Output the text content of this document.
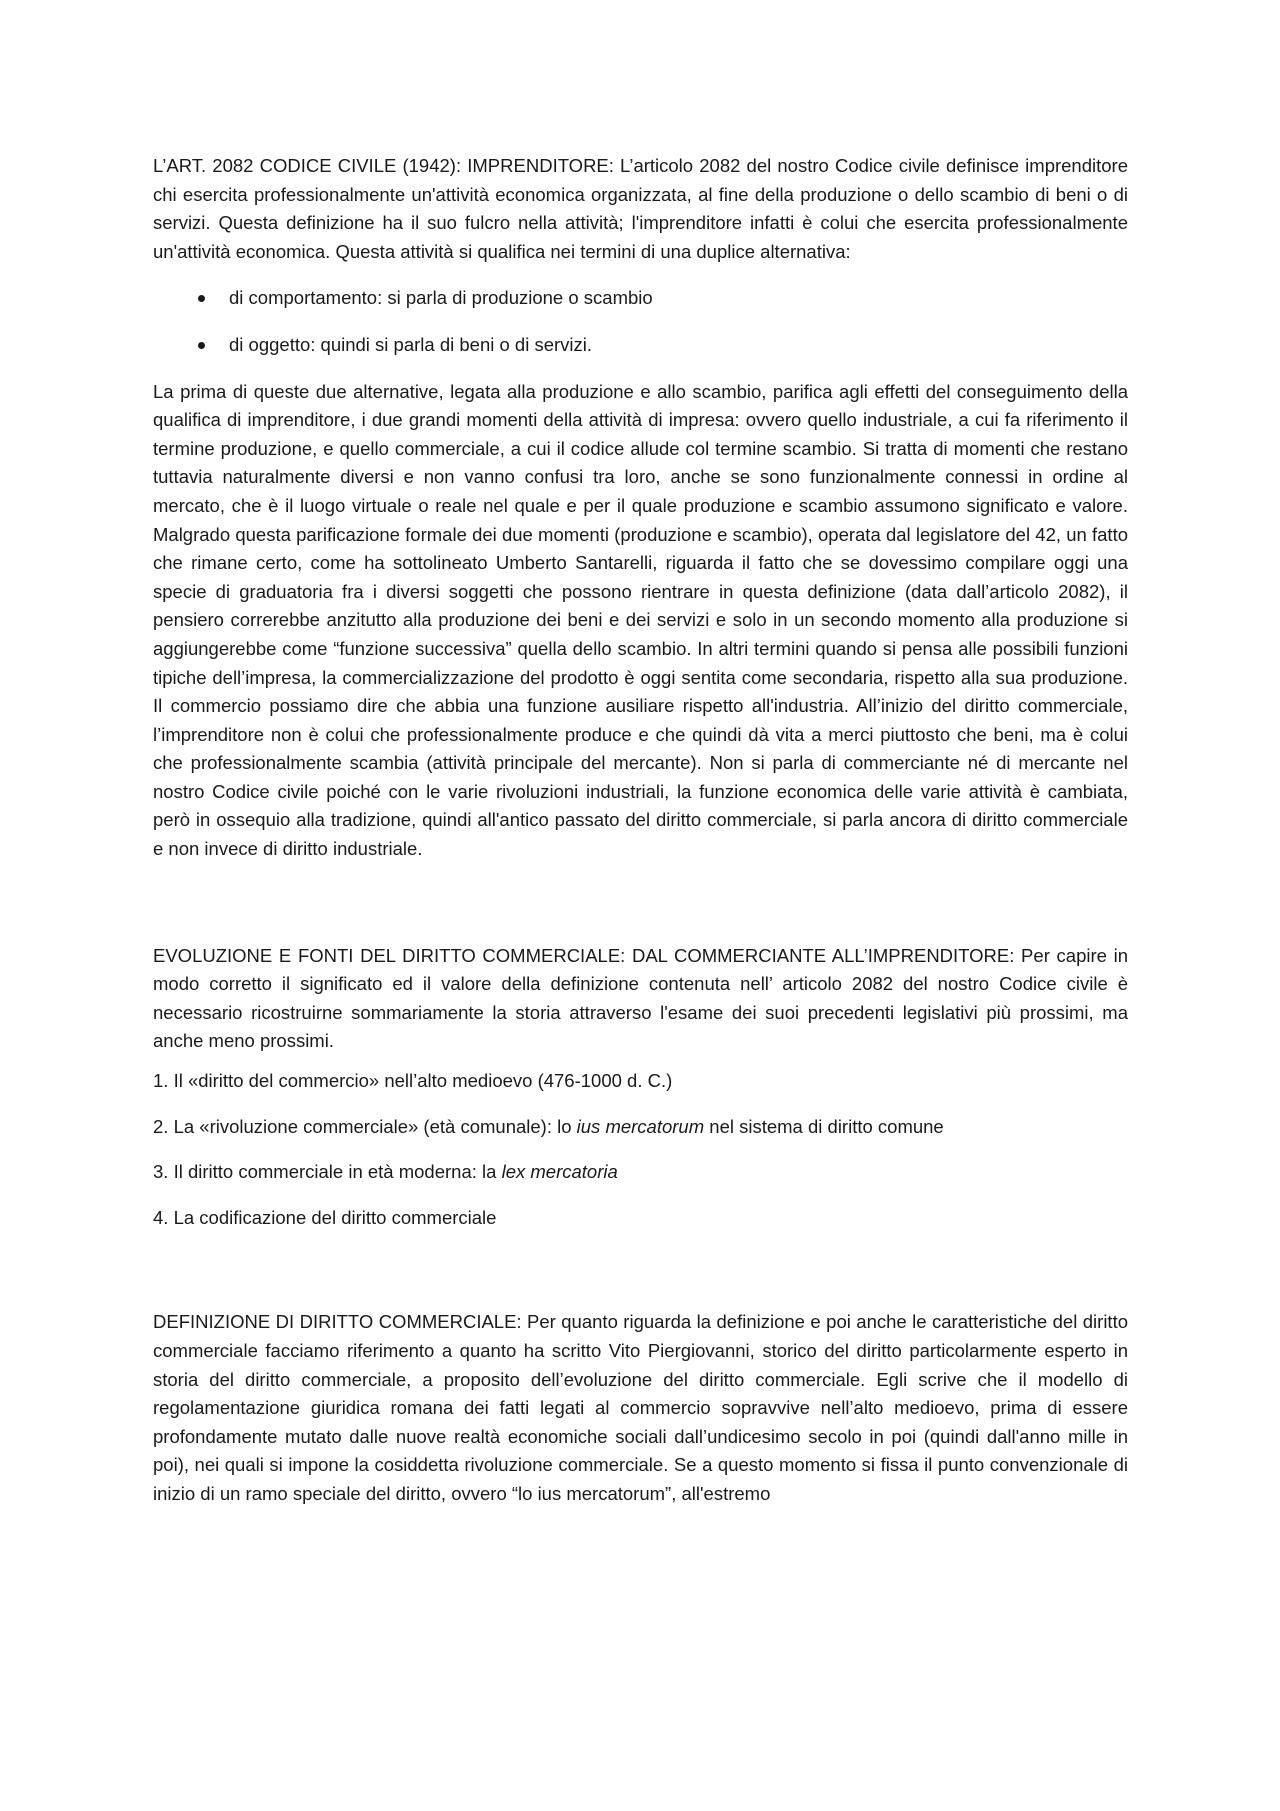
L’ART. 2082 CODICE CIVILE (1942): IMPRENDITORE: L’articolo 2082 del nostro Codice civile definisce imprenditore chi esercita professionalmente un'attività economica organizzata, al fine della produzione o dello scambio di beni o di servizi. Questa definizione ha il suo fulcro nella attività; l'imprenditore infatti è colui che esercita professionalmente un'attività economica. Questa attività si qualifica nei termini di una duplice alternativa:

di comportamento: si parla di produzione o scambio
di oggetto: quindi si parla di beni o di servizi.

La prima di queste due alternative, legata alla produzione e allo scambio, parifica agli effetti del conseguimento della qualifica di imprenditore, i due grandi momenti della attività di impresa: ovvero quello industriale, a cui fa riferimento il termine produzione, e quello commerciale, a cui il codice allude col termine scambio. Si tratta di momenti che restano tuttavia naturalmente diversi e non vanno confusi tra loro, anche se sono funzionalmente connessi in ordine al mercato, che è il luogo virtuale o reale nel quale e per il quale produzione e scambio assumono significato e valore. Malgrado questa parificazione formale dei due momenti (produzione e scambio), operata dal legislatore del 42, un fatto che rimane certo, come ha sottolineato Umberto Santarelli, riguarda il fatto che se dovessimo compilare oggi una specie di graduatoria fra i diversi soggetti che possono rientrare in questa definizione (data dall’articolo 2082), il pensiero correrebbe anzitutto alla produzione dei beni e dei servizi e solo in un secondo momento alla produzione si aggiungerebbe come “funzione successiva” quella dello scambio. In altri termini quando si pensa alle possibili funzioni tipiche dell’impresa, la commercializzazione del prodotto è oggi sentita come secondaria, rispetto alla sua produzione. Il commercio possiamo dire che abbia una funzione ausiliare rispetto all'industria. All’inizio del diritto commerciale, l’imprenditore non è colui che professionalmente produce e che quindi dà vita a merci piuttosto che beni, ma è colui che professionalmente scambia (attività principale del mercante). Non si parla di commerciante né di mercante nel nostro Codice civile poiché con le varie rivoluzioni industriali, la funzione economica delle varie attività è cambiata, però in ossequio alla tradizione, quindi all'antico passato del diritto commerciale, si parla ancora di diritto commerciale e non invece di diritto industriale.

EVOLUZIONE E FONTI DEL DIRITTO COMMERCIALE: DAL COMMERCIANTE ALL’IMPRENDITORE: Per capire in modo corretto il significato ed il valore della definizione contenuta nell’ articolo 2082 del nostro Codice civile è necessario ricostruirne sommariamente la storia attraverso l'esame dei suoi precedenti legislativi più prossimi, ma anche meno prossimi.

1. Il «diritto del commercio» nell’alto medioevo (476-1000 d. C.)
2. La «rivoluzione commerciale» (età comunale): lo ius mercatorum nel sistema di diritto comune
3. Il diritto commerciale in età moderna: la lex mercatoria
4. La codificazione del diritto commerciale

DEFINIZIONE DI DIRITTO COMMERCIALE: Per quanto riguarda la definizione e poi anche le caratteristiche del diritto commerciale facciamo riferimento a quanto ha scritto Vito Piergiovanni, storico del diritto particolarmente esperto in storia del diritto commerciale, a proposito dell’evoluzione del diritto commerciale. Egli scrive che il modello di regolamentazione giuridica romana dei fatti legati al commercio sopravvive nell’alto medioevo, prima di essere profondamente mutato dalle nuove realtà economiche sociali dall’undicesimo secolo in poi (quindi dall'anno mille in poi), nei quali si impone la cosiddetta rivoluzione commerciale. Se a questo momento si fissa il punto convenzionale di inizio di un ramo speciale del diritto, ovvero “lo ius mercatorum”, all'estremo
